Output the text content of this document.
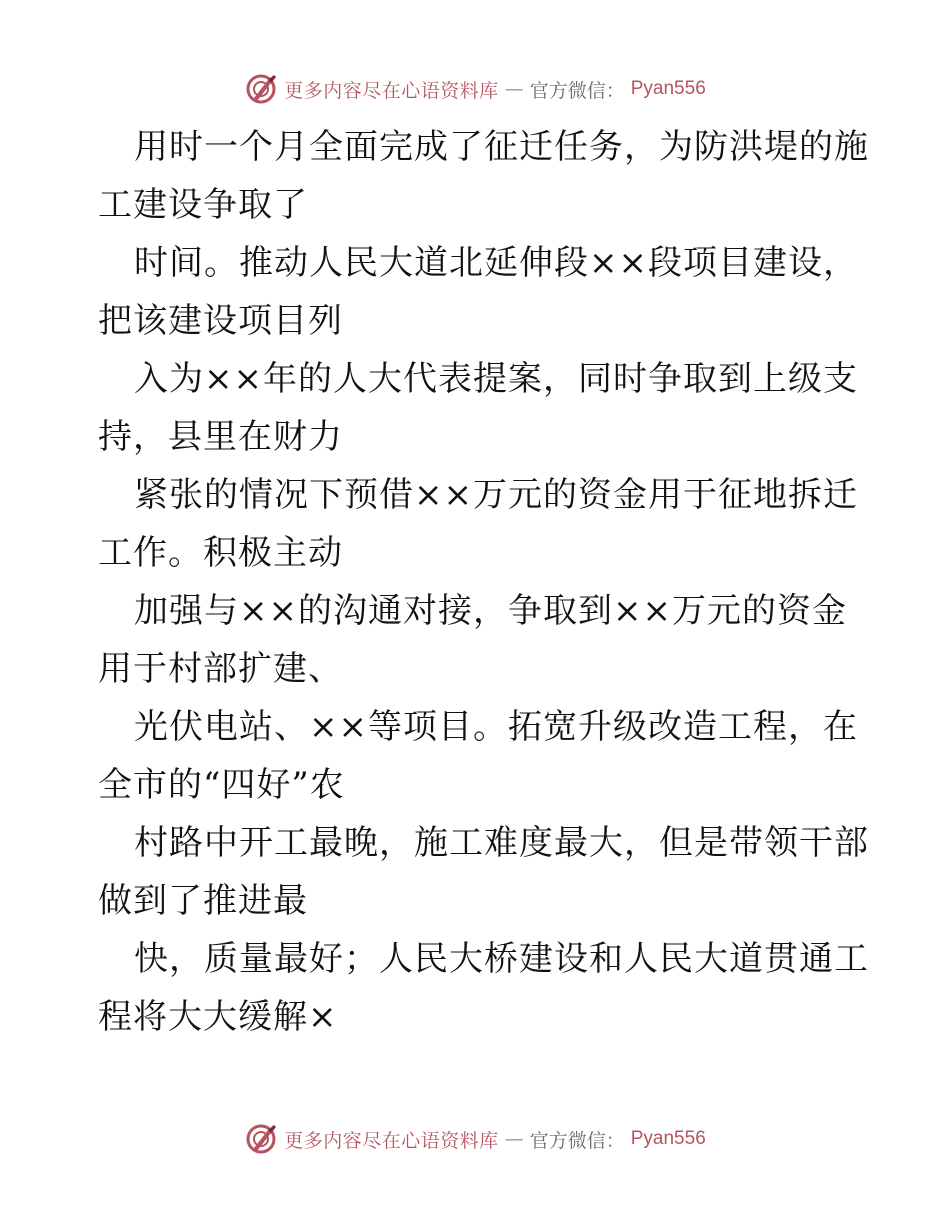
更多内容尽在心语资料库 — 官方微信： Pyan556
用时一个月全面完成了征迁任务，为防洪堤的施
工建设争取了
时间。推动人民大道北延伸段××段项目建设，
把该建设项目列
入为××年的人大代表提案，同时争取到上级支
持，县里在财力
紧张的情况下预借××万元的资金用于征地拆迁
工作。积极主动
加强与××的沟通对接，争取到××万元的资金
用于村部扩建、
光伏电站、××等项目。拓宽升级改造工程，在
全市的“四好”农
村路中开工最晚，施工难度最大，但是带领干部
做到了推进最
快，质量最好；人民大桥建设和人民大道贯通工
程将大大缓解×
更多内容尽在心语资料库 — 官方微信： Pyan556
